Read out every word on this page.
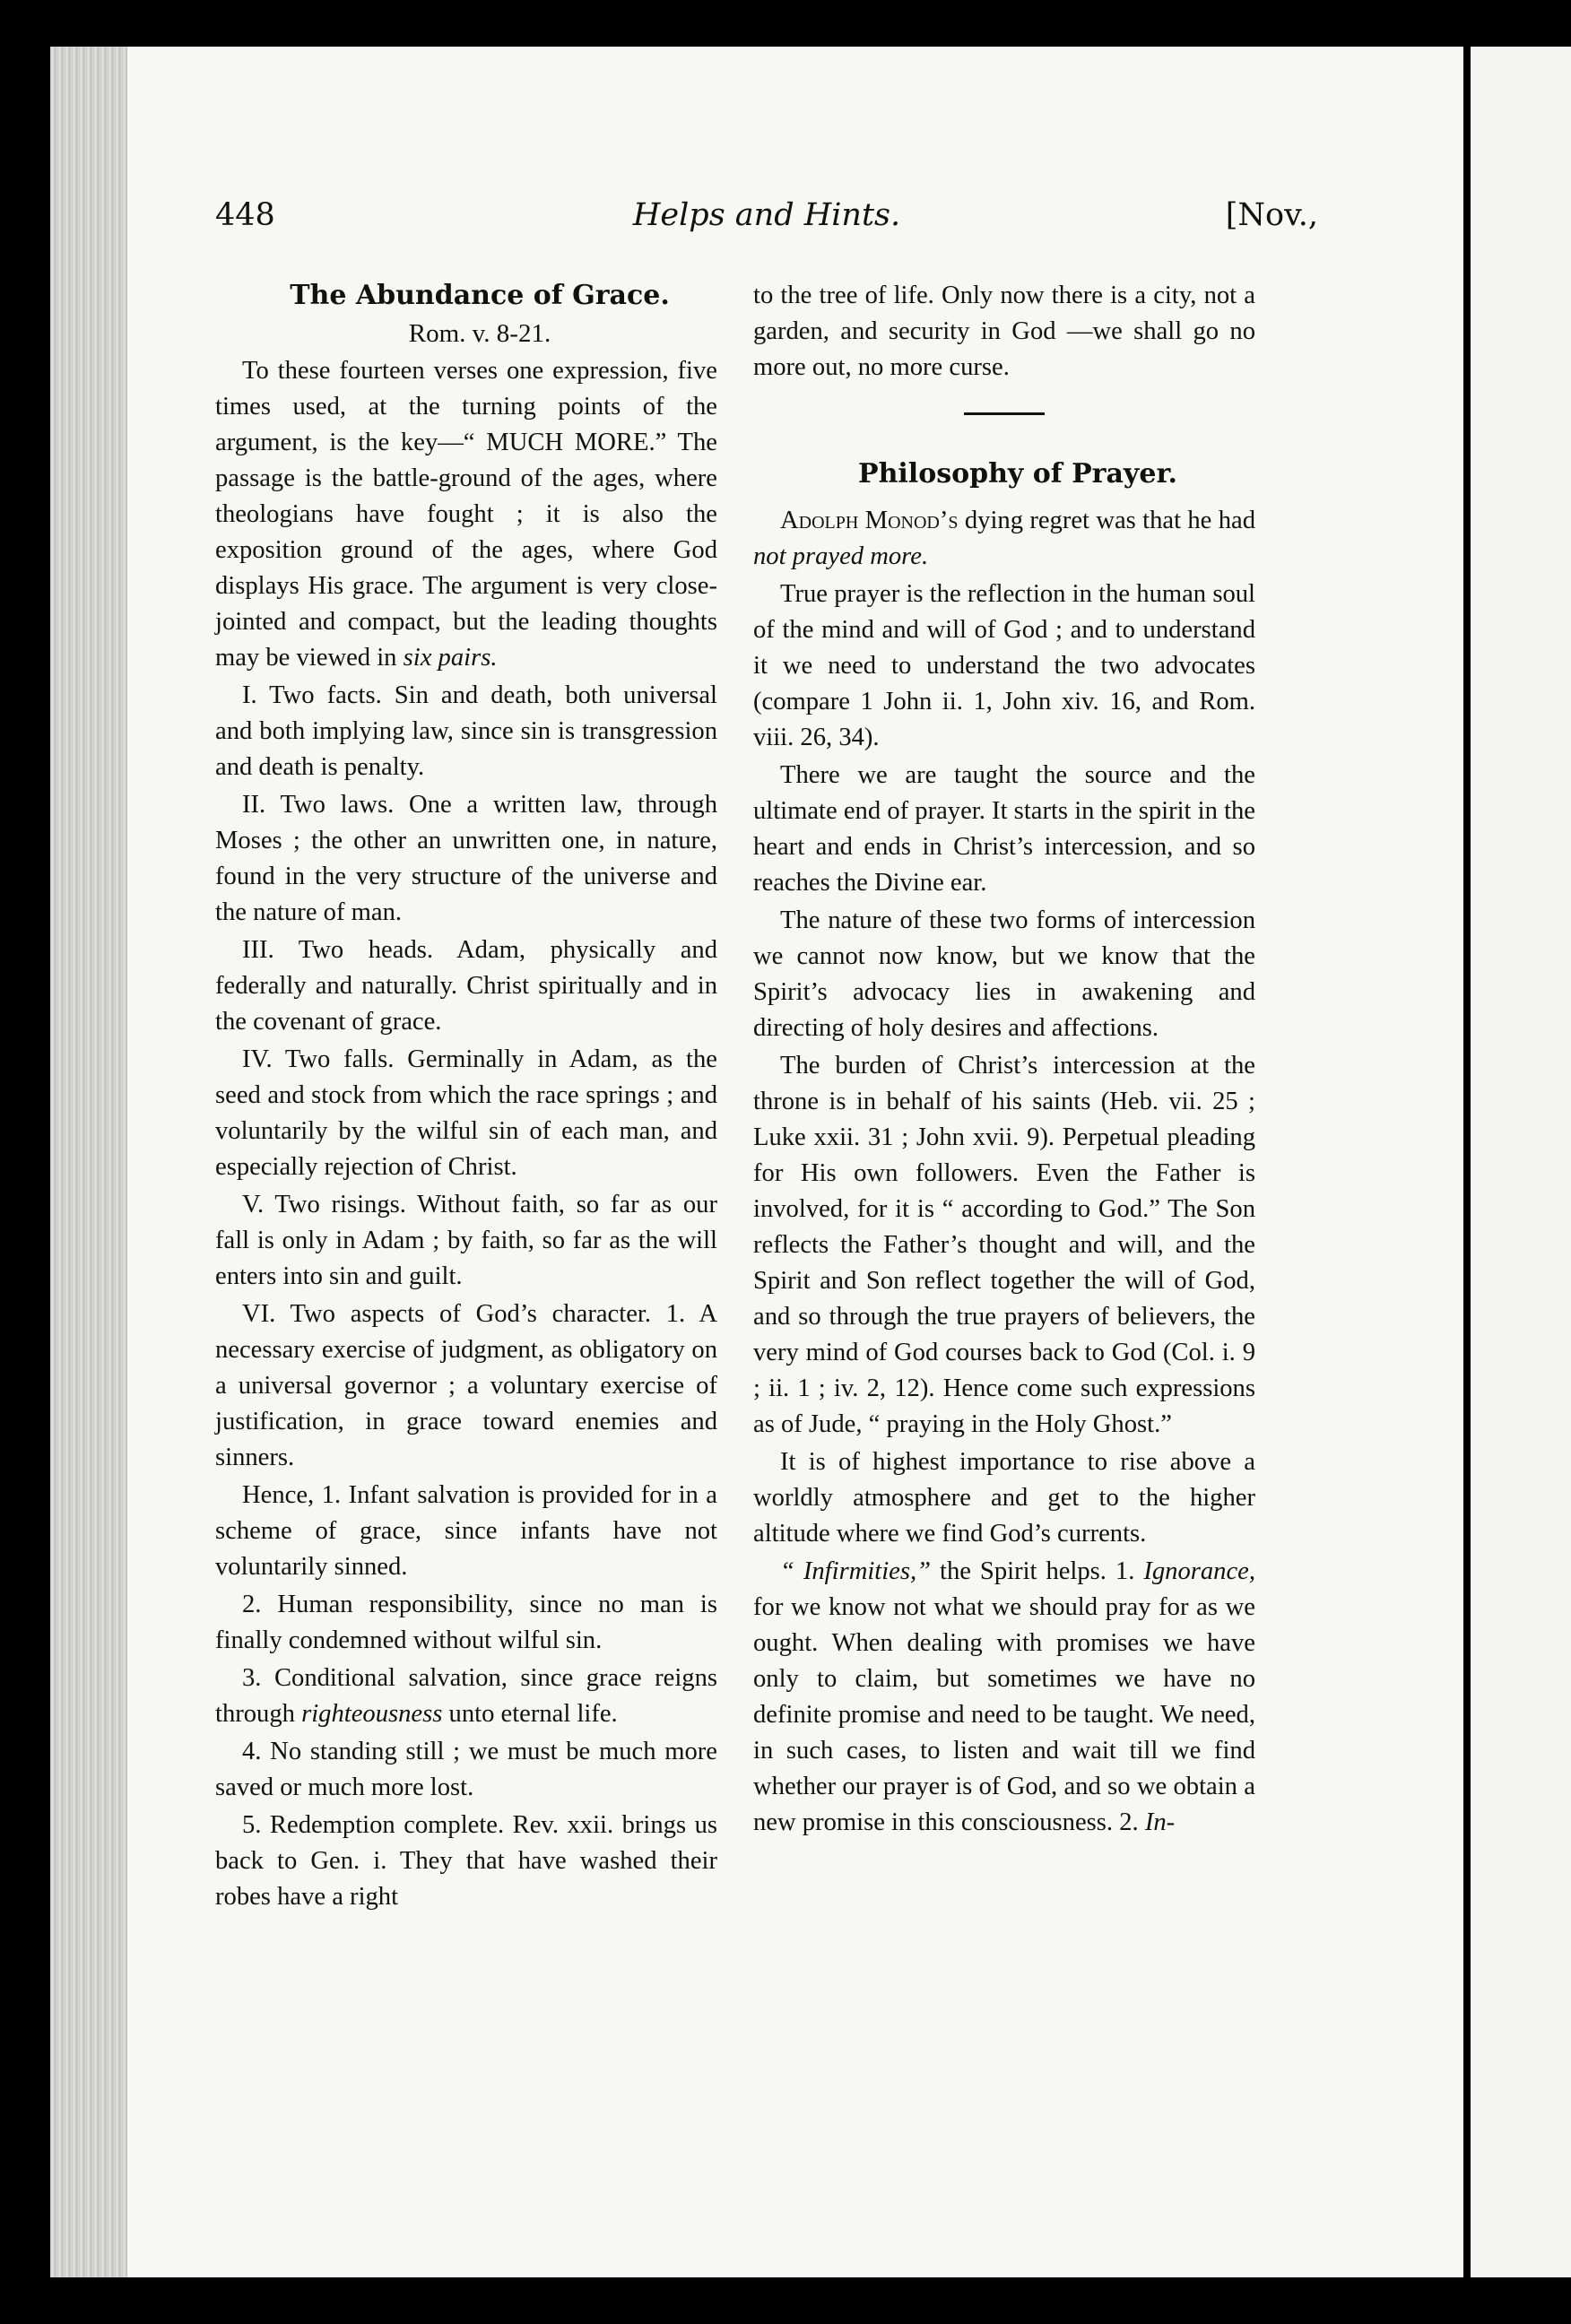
448	Helps and Hints.	[Nov.,

The Abundance of Grace.

Rom. v. 8-21.

To these fourteen verses one expression, five times used, at the turning points of the argument, is the key—“ MUCH MORE.” The passage is the battle-ground of the ages, where theologians have fought ; it is also the exposition ground of the ages, where God displays His grace. The argument is very close-jointed and compact, but the leading thoughts may be viewed in six pairs.

I. Two facts. Sin and death, both universal and both implying law, since sin is transgression and death is penalty.

II. Two laws. One a written law, through Moses ; the other an unwritten one, in nature, found in the very structure of the universe and the nature of man.

III. Two heads. Adam, physically and federally and naturally. Christ spiritually and in the covenant of grace.

IV. Two falls. Germinally in Adam, as the seed and stock from which the race springs ; and voluntarily by the wilful sin of each man, and especially rejection of Christ.

V. Two risings. Without faith, so far as our fall is only in Adam ; by faith, so far as the will enters into sin and guilt.

VI. Two aspects of God’s character. 1. A necessary exercise of judgment, as obligatory on a universal governor ; a voluntary exercise of justification, in grace toward enemies and sinners.

Hence, 1. Infant salvation is provided for in a scheme of grace, since infants have not voluntarily sinned.

2. Human responsibility, since no man is finally condemned without wilful sin.

3. Conditional salvation, since grace reigns through righteousness unto eternal life.

4. No standing still ; we must be much more saved or much more lost.

5. Redemption complete. Rev. xxii. brings us back to Gen. i. They that have washed their robes have a right

to the tree of life. Only now there is a city, not a garden, and security in God —we shall go no more out, no more curse.

Philosophy of Prayer.

Adolph Monod’s dying regret was that he had not prayed more.

True prayer is the reflection in the human soul of the mind and will of God ; and to understand it we need to understand the two advocates (compare 1 John ii. 1, John xiv. 16, and Rom. viii. 26, 34).

There we are taught the source and the ultimate end of prayer. It starts in the spirit in the heart and ends in Christ’s intercession, and so reaches the Divine ear.

The nature of these two forms of intercession we cannot now know, but we know that the Spirit’s advocacy lies in awakening and directing of holy desires and affections.

The burden of Christ’s intercession at the throne is in behalf of his saints (Heb. vii. 25 ; Luke xxii. 31 ; John xvii. 9). Perpetual pleading for His own followers. Even the Father is involved, for it is “ according to God.” The Son reflects the Father’s thought and will, and the Spirit and Son reflect together the will of God, and so through the true prayers of believers, the very mind of God courses back to God (Col. i. 9 ; ii. 1 ; iv. 2, 12). Hence come such expressions as of Jude, “ praying in the Holy Ghost.”

It is of highest importance to rise above a worldly atmosphere and get to the higher altitude where we find God’s currents.

“ Infirmities,” the Spirit helps. 1. Ignorance, for we know not what we should pray for as we ought. When dealing with promises we have only to claim, but sometimes we have no definite promise and need to be taught. We need, in such cases, to listen and wait till we find whether our prayer is of God, and so we obtain a new promise in this consciousness. 2. In-
